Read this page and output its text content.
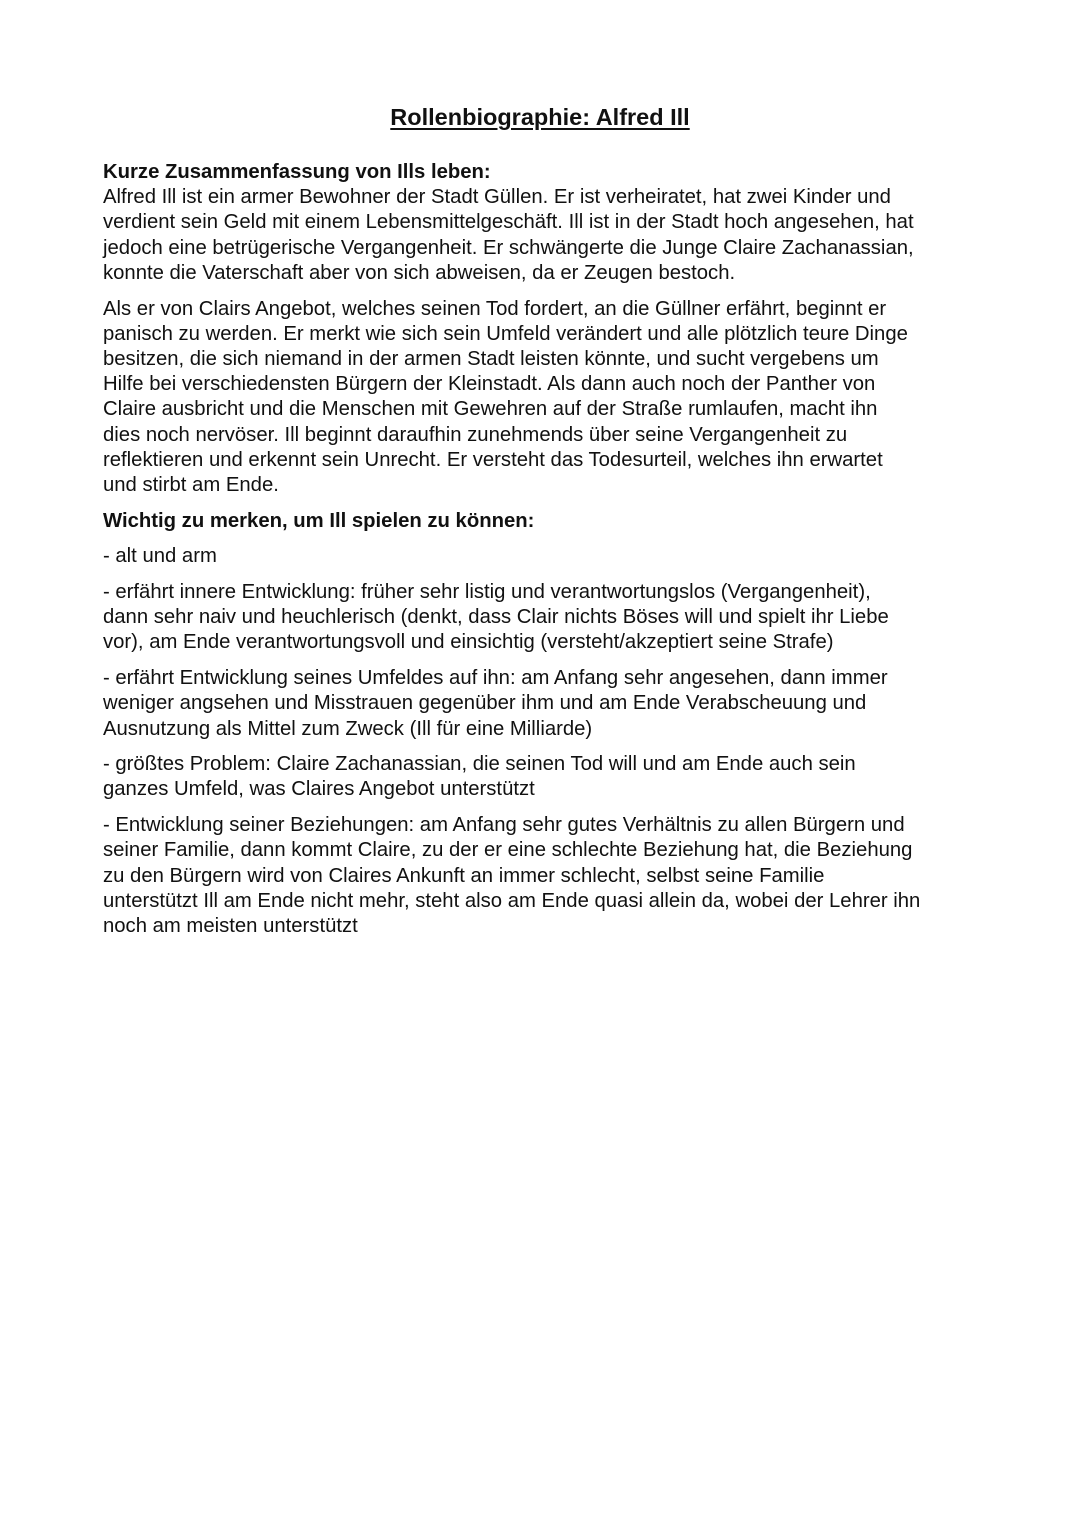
Rollenbiographie: Alfred Ill
Kurze Zusammenfassung von Ills leben:

Alfred Ill ist ein armer Bewohner der Stadt Güllen. Er ist verheiratet, hat zwei Kinder und
verdient sein Geld mit einem Lebensmittelgeschäft. Ill ist in der Stadt hoch angesehen, hat
jedoch eine betrügerische Vergangenheit. Er schwängerte die Junge Claire Zachanassian,
konnte die Vaterschaft aber von sich abweisen, da er Zeugen bestoch.

Als er von Clairs Angebot, welches seinen Tod fordert, an die Güllner erfährt, beginnt er
panisch zu werden. Er merkt wie sich sein Umfeld verändert und alle plötzlich teure Dinge
besitzen, die sich niemand in der armen Stadt leisten könnte, und sucht vergebens um
Hilfe bei verschiedensten Bürgern der Kleinstadt. Als dann auch noch der Panther von
Claire ausbricht und die Menschen mit Gewehren auf der Straße rumlaufen, macht ihn
dies noch nervöser. Ill beginnt daraufhin zunehmends über seine Vergangenheit zu
reflektieren und erkennt sein Unrecht. Er versteht das Todesurteil, welches ihn erwartet
und stirbt am Ende.

Wichtig zu merken, um Ill spielen zu können:

- alt und arm

- erfährt innere Entwicklung: früher sehr listig und verantwortungslos (Vergangenheit),
dann sehr naiv und heuchlerisch (denkt, dass Clair nichts Böses will und spielt ihr Liebe
vor), am Ende verantwortungsvoll und einsichtig (versteht/akzeptiert seine Strafe)

- erfährt Entwicklung seines Umfeldes auf ihn: am Anfang sehr angesehen, dann immer
weniger angsehen und Misstrauen gegenüber ihm und am Ende Verabscheuung und
Ausnutzung als Mittel zum Zweck (Ill für eine Milliarde)

- größtes Problem: Claire Zachanassian, die seinen Tod will und am Ende auch sein
ganzes Umfeld, was Claires Angebot unterstützt

- Entwicklung seiner Beziehungen: am Anfang sehr gutes Verhältnis zu allen Bürgern und
seiner Familie, dann kommt Claire, zu der er eine schlechte Beziehung hat, die Beziehung
zu den Bürgern wird von Claires Ankunft an immer schlecht, selbst seine Familie
unterstützt Ill am Ende nicht mehr, steht also am Ende quasi allein da, wobei der Lehrer ihn
noch am meisten unterstützt
